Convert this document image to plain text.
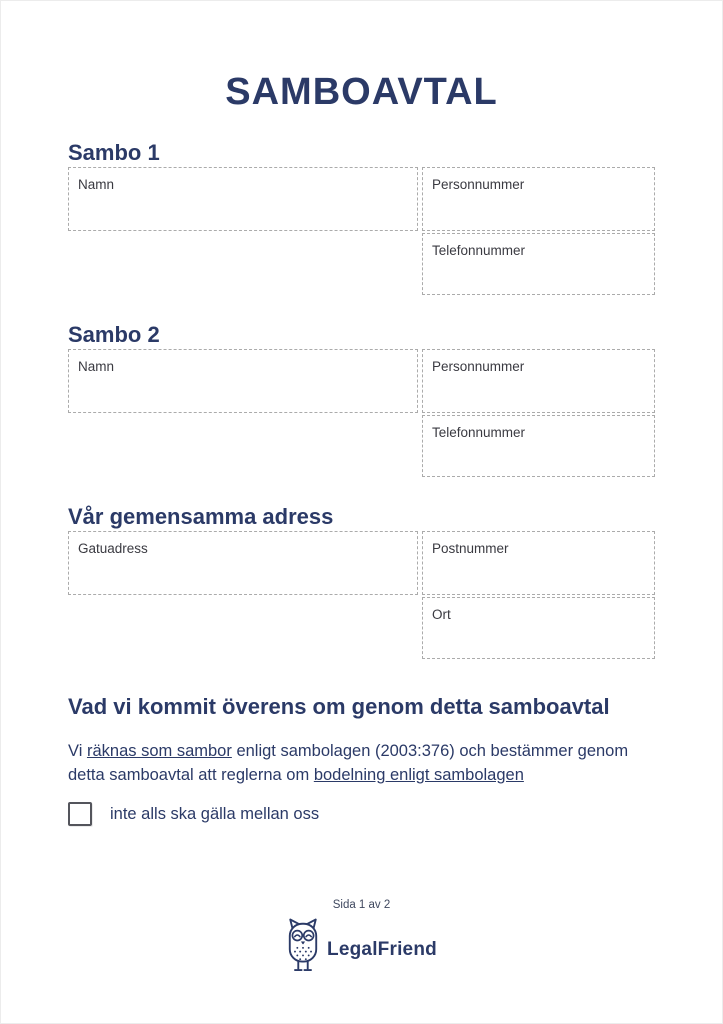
SAMBOAVTAL
Sambo 1
Namn	Personnummer
Telefonnummer
Sambo 2
Namn	Personnummer
Telefonnummer
Vår gemensamma adress
Gatuadress	Postnummer
Ort
Vad vi kommit överens om genom detta samboavtal

Vi räknas som sambor enligt sambolagen (2003:376) och bestämmer genom detta samboavtal att reglerna om bodelning enligt sambolagen

inte alls ska gälla mellan oss
Sida 1 av 2
LegalFriend
